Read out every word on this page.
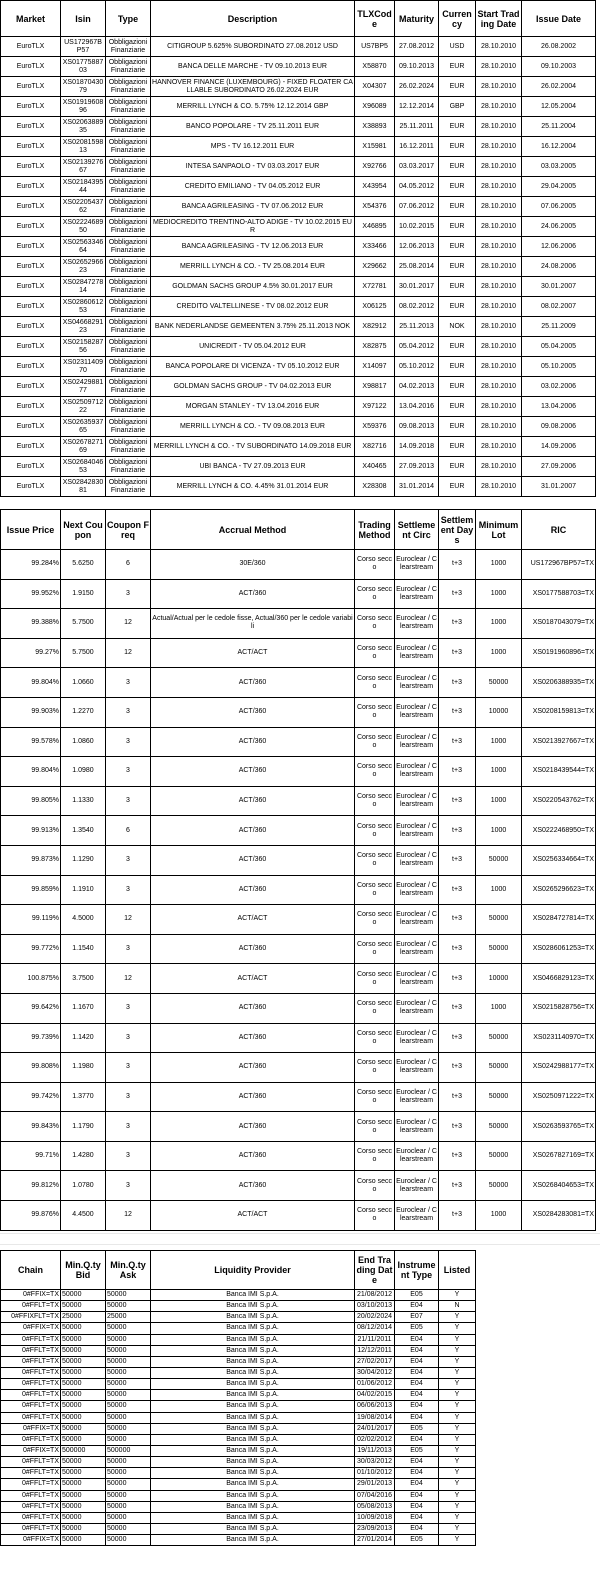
Market	Isin	Type	Description	TLXCode	Maturity	Currency	Start Trading Date	Issue Date
EuroTLX	US172967BP57	Obbligazioni Finanziarie	CITIGROUP 5.625% SUBORDINATO 27.08.2012 USD	US7BP5	27.08.2012	USD	28.10.2010	26.08.2002
EuroTLX	XS0177588703	Obbligazioni Finanziarie	BANCA DELLE MARCHE - TV 09.10.2013 EUR	X58870	09.10.2013	EUR	28.10.2010	09.10.2003
EuroTLX	XS0187043079	Obbligazioni Finanziarie	HANNOVER FINANCE (LUXEMBOURG) - FIXED FLOATER CALLABLE SUBORDINATO 26.02.2024 EUR	X04307	26.02.2024	EUR	28.10.2010	26.02.2004
EuroTLX	XS0191960896	Obbligazioni Finanziarie	MERRILL LYNCH & CO. 5.75% 12.12.2014 GBP	X96089	12.12.2014	GBP	28.10.2010	12.05.2004
EuroTLX	XS0206388935	Obbligazioni Finanziarie	BANCO POPOLARE - TV 25.11.2011 EUR	X38893	25.11.2011	EUR	28.10.2010	25.11.2004
EuroTLX	XS0208159813	Obbligazioni Finanziarie	MPS - TV 16.12.2011 EUR	X15981	16.12.2011	EUR	28.10.2010	16.12.2004
EuroTLX	XS0213927667	Obbligazioni Finanziarie	INTESA SANPAOLO - TV 03.03.2017 EUR	X92766	03.03.2017	EUR	28.10.2010	03.03.2005
EuroTLX	XS0218439544	Obbligazioni Finanziarie	CREDITO EMILIANO - TV 04.05.2012 EUR	X43954	04.05.2012	EUR	28.10.2010	29.04.2005
EuroTLX	XS0220543762	Obbligazioni Finanziarie	BANCA AGRILEASING - TV 07.06.2012 EUR	X54376	07.06.2012	EUR	28.10.2010	07.06.2005
EuroTLX	XS0222468950	Obbligazioni Finanziarie	MEDIOCREDITO TRENTINO-ALTO ADIGE - TV 10.02.2015 EUR	X46895	10.02.2015	EUR	28.10.2010	24.06.2005
EuroTLX	XS0256334664	Obbligazioni Finanziarie	BANCA AGRILEASING - TV 12.06.2013 EUR	X33466	12.06.2013	EUR	28.10.2010	12.06.2006
EuroTLX	XS0265296623	Obbligazioni Finanziarie	MERRILL LYNCH & CO. - TV 25.08.2014 EUR	X29662	25.08.2014	EUR	28.10.2010	24.08.2006
EuroTLX	XS0284727814	Obbligazioni Finanziarie	GOLDMAN SACHS GROUP 4.5% 30.01.2017 EUR	X72781	30.01.2017	EUR	28.10.2010	30.01.2007
EuroTLX	XS0286061253	Obbligazioni Finanziarie	CREDITO VALTELLINESE - TV 08.02.2012 EUR	X06125	08.02.2012	EUR	28.10.2010	08.02.2007
EuroTLX	XS0466829123	Obbligazioni Finanziarie	BANK NEDERLANDSE GEMEENTEN 3.75% 25.11.2013 NOK	X82912	25.11.2013	NOK	28.10.2010	25.11.2009
EuroTLX	XS0215828756	Obbligazioni Finanziarie	UNICREDIT - TV 05.04.2012 EUR	X82875	05.04.2012	EUR	28.10.2010	05.04.2005
EuroTLX	XS0231140970	Obbligazioni Finanziarie	BANCA POPOLARE DI VICENZA - TV 05.10.2012 EUR	X14097	05.10.2012	EUR	28.10.2010	05.10.2005
EuroTLX	XS0242988177	Obbligazioni Finanziarie	GOLDMAN SACHS GROUP - TV 04.02.2013 EUR	X98817	04.02.2013	EUR	28.10.2010	03.02.2006
EuroTLX	XS0250971222	Obbligazioni Finanziarie	MORGAN STANLEY - TV 13.04.2016 EUR	X97122	13.04.2016	EUR	28.10.2010	13.04.2006
EuroTLX	XS0263593765	Obbligazioni Finanziarie	MERRILL LYNCH & CO. - TV 09.08.2013 EUR	X59376	09.08.2013	EUR	28.10.2010	09.08.2006
EuroTLX	XS0267827169	Obbligazioni Finanziarie	MERRILL LYNCH & CO. - TV SUBORDINATO 14.09.2018 EUR	X82716	14.09.2018	EUR	28.10.2010	14.09.2006
EuroTLX	XS0268404653	Obbligazioni Finanziarie	UBI BANCA - TV 27.09.2013 EUR	X40465	27.09.2013	EUR	28.10.2010	27.09.2006
EuroTLX	XS0284283081	Obbligazioni Finanziarie	MERRILL LYNCH & CO. 4.45% 31.01.2014 EUR	X28308	31.01.2014	EUR	28.10.2010	31.01.2007
Issue Price	Next Coupon	Coupon Freq	Accrual Method	Trading Method	Settlement Circ	Settlement Days	Minimum Lot	RIC
99.284%	5.6250	6	30E/360	Corso secco	Euroclear / Clearstream	t+3	1000	US172967BP57=TX
99.952%	1.9150	3	ACT/360	Corso secco	Euroclear / Clearstream	t+3	1000	XS0177588703=TX
99.388%	5.7500	12	Actual/Actual per le cedole fisse, Actual/360 per le cedole variabili	Corso secco	Euroclear / Clearstream	t+3	1000	XS0187043079=TX
99.27%	5.7500	12	ACT/ACT	Corso secco	Euroclear / Clearstream	t+3	1000	XS0191960896=TX
99.804%	1.0660	3	ACT/360	Corso secco	Euroclear / Clearstream	t+3	50000	XS0206388935=TX
99.903%	1.2270	3	ACT/360	Corso secco	Euroclear / Clearstream	t+3	10000	XS0208159813=TX
99.578%	1.0860	3	ACT/360	Corso secco	Euroclear / Clearstream	t+3	1000	XS0213927667=TX
99.804%	1.0980	3	ACT/360	Corso secco	Euroclear / Clearstream	t+3	1000	XS0218439544=TX
99.805%	1.1330	3	ACT/360	Corso secco	Euroclear / Clearstream	t+3	1000	XS0220543762=TX
99.913%	1.3540	6	ACT/360	Corso secco	Euroclear / Clearstream	t+3	1000	XS0222468950=TX
99.873%	1.1290	3	ACT/360	Corso secco	Euroclear / Clearstream	t+3	50000	XS0256334664=TX
99.859%	1.1910	3	ACT/360	Corso secco	Euroclear / Clearstream	t+3	1000	XS0265296623=TX
99.119%	4.5000	12	ACT/ACT	Corso secco	Euroclear / Clearstream	t+3	50000	XS0284727814=TX
99.772%	1.1540	3	ACT/360	Corso secco	Euroclear / Clearstream	t+3	50000	XS0286061253=TX
100.875%	3.7500	12	ACT/ACT	Corso secco	Euroclear / Clearstream	t+3	10000	XS0466829123=TX
99.642%	1.1670	3	ACT/360	Corso secco	Euroclear / Clearstream	t+3	1000	XS0215828756=TX
99.739%	1.1420	3	ACT/360	Corso secco	Euroclear / Clearstream	t+3	50000	XS0231140970=TX
99.808%	1.1980	3	ACT/360	Corso secco	Euroclear / Clearstream	t+3	50000	XS0242988177=TX
99.742%	1.3770	3	ACT/360	Corso secco	Euroclear / Clearstream	t+3	50000	XS0250971222=TX
99.843%	1.1790	3	ACT/360	Corso secco	Euroclear / Clearstream	t+3	50000	XS0263593765=TX
99.71%	1.4280	3	ACT/360	Corso secco	Euroclear / Clearstream	t+3	50000	XS0267827169=TX
99.812%	1.0780	3	ACT/360	Corso secco	Euroclear / Clearstream	t+3	50000	XS0268404653=TX
99.876%	4.4500	12	ACT/ACT	Corso secco	Euroclear / Clearstream	t+3	1000	XS0284283081=TX
Chain	Min.Q.ty Bid	Min.Q.ty Ask	Liquidity Provider	End Trading Date	Instrument Type	Listed
0#FFIX=TX	50000	50000	Banca IMI S.p.A.	21/08/2012	E05	Y
0#FFLT=TX	50000	50000	Banca IMI S.p.A.	03/10/2013	E04	N
0#FFIXFLT=TX	25000	25000	Banca IMI S.p.A.	20/02/2024	E07	Y
0#FFIX=TX	50000	50000	Banca IMI S.p.A.	08/12/2014	E05	Y
0#FFLT=TX	50000	50000	Banca IMI S.p.A.	21/11/2011	E04	Y
0#FFLT=TX	50000	50000	Banca IMI S.p.A.	12/12/2011	E04	Y
0#FFLT=TX	50000	50000	Banca IMI S.p.A.	27/02/2017	E04	Y
0#FFLT=TX	50000	50000	Banca IMI S.p.A.	30/04/2012	E04	Y
0#FFLT=TX	50000	50000	Banca IMI S.p.A.	01/06/2012	E04	Y
0#FFLT=TX	50000	50000	Banca IMI S.p.A.	04/02/2015	E04	Y
0#FFLT=TX	50000	50000	Banca IMI S.p.A.	06/06/2013	E04	Y
0#FFLT=TX	50000	50000	Banca IMI S.p.A.	19/08/2014	E04	Y
0#FFIX=TX	50000	50000	Banca IMI S.p.A.	24/01/2017	E05	Y
0#FFLT=TX	50000	50000	Banca IMI S.p.A.	02/02/2012	E04	Y
0#FFIX=TX	500000	500000	Banca IMI S.p.A.	19/11/2013	E05	Y
0#FFLT=TX	50000	50000	Banca IMI S.p.A.	30/03/2012	E04	Y
0#FFLT=TX	50000	50000	Banca IMI S.p.A.	01/10/2012	E04	Y
0#FFLT=TX	50000	50000	Banca IMI S.p.A.	29/01/2013	E04	Y
0#FFLT=TX	50000	50000	Banca IMI S.p.A.	07/04/2016	E04	Y
0#FFLT=TX	50000	50000	Banca IMI S.p.A.	05/08/2013	E04	Y
0#FFLT=TX	50000	50000	Banca IMI S.p.A.	10/09/2018	E04	Y
0#FFLT=TX	50000	50000	Banca IMI S.p.A.	23/09/2013	E04	Y
0#FFIX=TX	50000	50000	Banca IMI S.p.A.	27/01/2014	E05	Y
